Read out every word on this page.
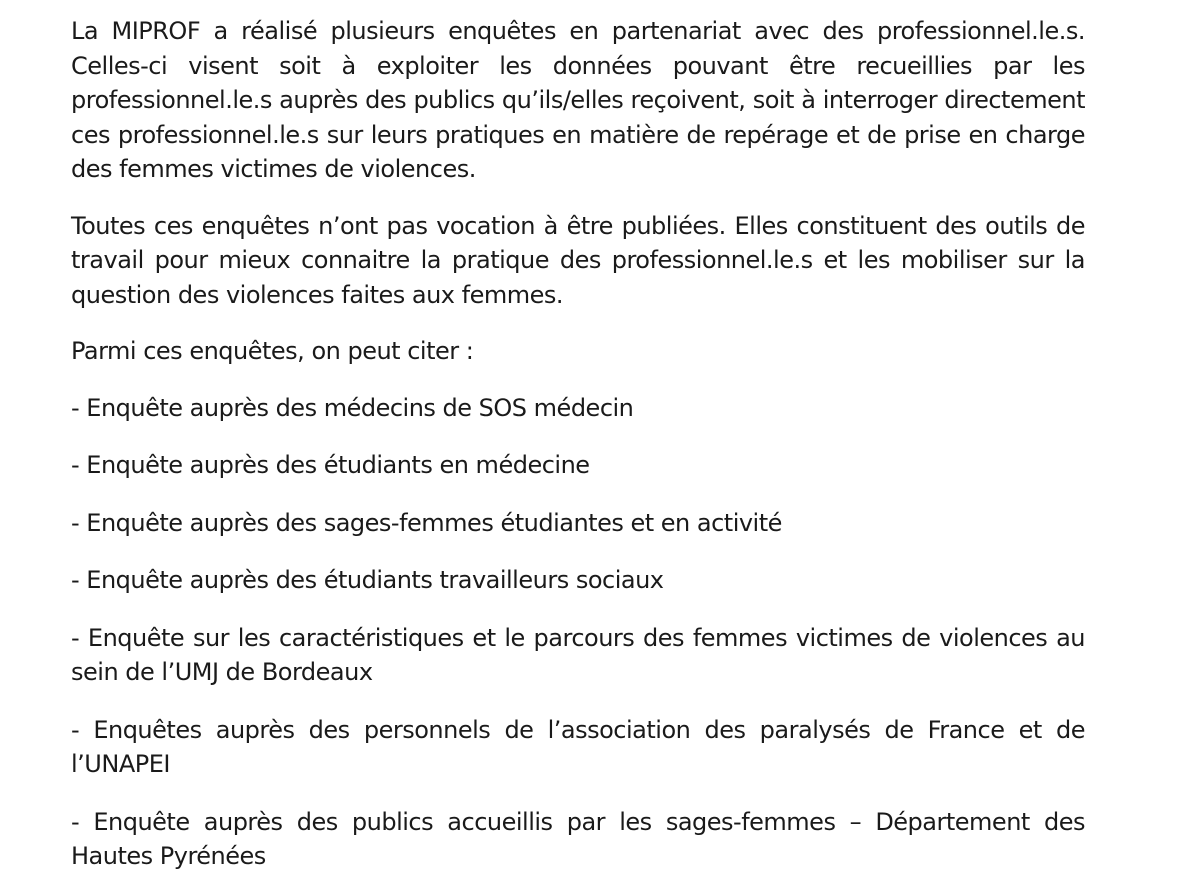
La MIPROF a réalisé plusieurs enquêtes en partenariat avec des professionnel.le.s. Celles-ci visent soit à exploiter les données pouvant être recueillies par les professionnel.le.s auprès des publics qu’ils/elles reçoivent, soit à interroger directement ces professionnel.le.s sur leurs pratiques en matière de repérage et de prise en charge des femmes victimes de violences.

Toutes ces enquêtes n’ont pas vocation à être publiées. Elles constituent des outils de travail pour mieux connaitre la pratique des professionnel.le.s et les mobiliser sur la question des violences faites aux femmes.

Parmi ces enquêtes, on peut citer :

- Enquête auprès des médecins de SOS médecin

- Enquête auprès des étudiants en médecine

- Enquête auprès des sages-femmes étudiantes et en activité

- Enquête auprès des étudiants travailleurs sociaux

- Enquête sur les caractéristiques et le parcours des femmes victimes de violences au sein de l’UMJ de Bordeaux

- Enquêtes auprès des personnels de l’association des paralysés de France et de l’UNAPEI

- Enquête auprès des publics accueillis par les sages-femmes – Département des Hautes Pyrénées
